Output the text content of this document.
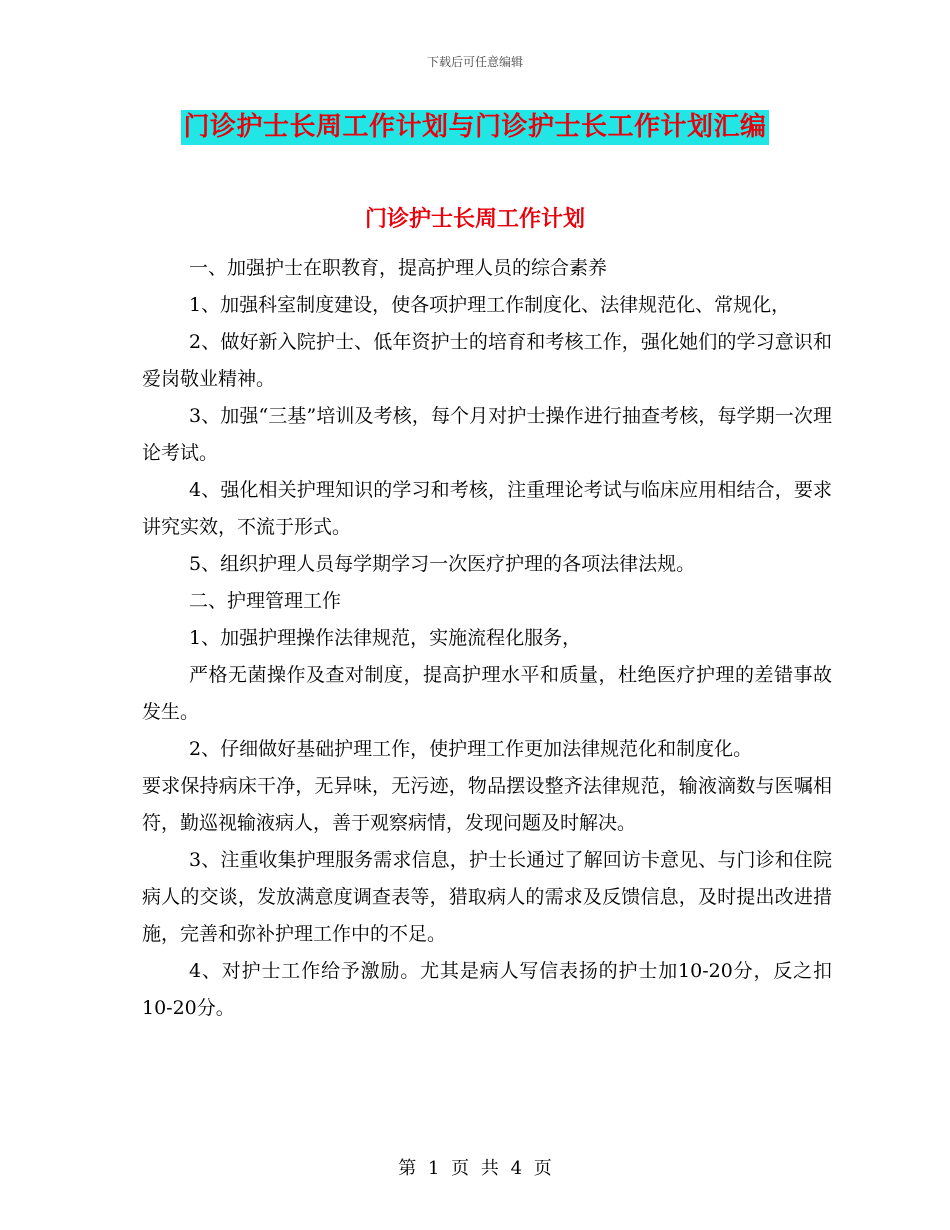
下载后可任意编辑
门诊护士长周工作计划与门诊护士长工作计划汇编
门诊护士长周工作计划

一、加强护士在职教育，提高护理人员的综合素养

1、加强科室制度建设，使各项护理工作制度化、法律规范化、常规化，

2、做好新入院护士、低年资护士的培育和考核工作，强化她们的学习意识和爱岗敬业精神。

3、加强“三基”培训及考核，每个月对护士操作进行抽查考核，每学期一次理论考试。

4、强化相关护理知识的学习和考核，注重理论考试与临床应用相结合，要求讲究实效，不流于形式。

5、组织护理人员每学期学习一次医疗护理的各项法律法规。

二、护理管理工作

1、加强护理操作法律规范，实施流程化服务，

严格无菌操作及查对制度，提高护理水平和质量，杜绝医疗护理的差错事故发生。

2、仔细做好基础护理工作，使护理工作更加法律规范化和制度化。

要求保持病床干净，无异味，无污迹，物品摆设整齐法律规范，输液滴数与医嘱相符，勤巡视输液病人，善于观察病情，发现问题及时解决。

3、注重收集护理服务需求信息，护士长通过了解回访卡意见、与门诊和住院病人的交谈，发放满意度调查表等，猎取病人的需求及反馈信息，及时提出改进措施，完善和弥补护理工作中的不足。

4、对护士工作给予激励。尤其是病人写信表扬的护士加10-20分，反之扣10-20分。

第 1 页 共 4 页
